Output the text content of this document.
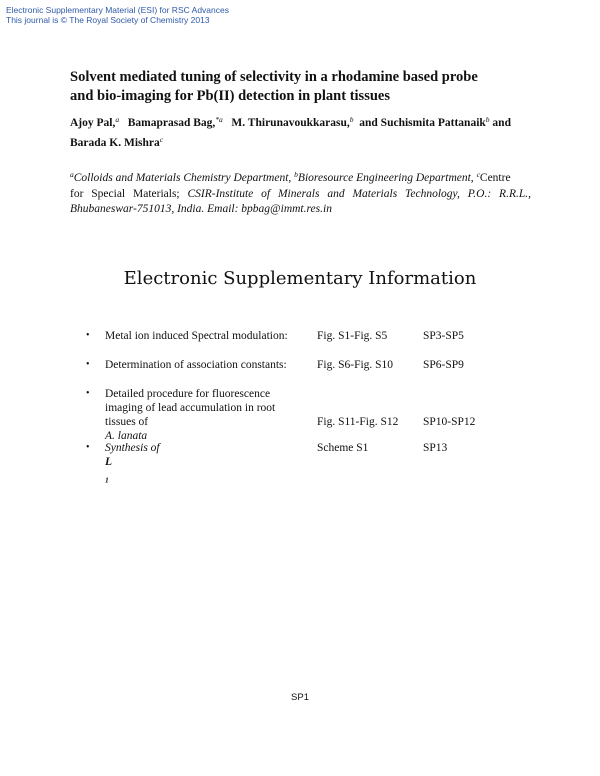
Electronic Supplementary Material (ESI) for RSC Advances
This journal is © The Royal Society of Chemistry 2013
Solvent mediated tuning of selectivity in a rhodamine based probe
and bio-imaging for Pb(II) detection in plant tissues
Ajoy Pal,$^a$ Bamaprasad Bag,$^{*a}$ M. Thirunavoukkarasu,$^b$ and Suchismita Pattanaik$^b$ and
Barada K. Mishra$^c$
$^a$Colloids and Materials Chemistry Department, $^b$Bioresource Engineering Department, $^c$Centre
for Special Materials; CSIR-Institute of Minerals and Materials Technology, P.O.: R.R.L.,
Bhubaneswar-751013, India. Email: bpbag@immt.res.in
Electronic Supplementary Information
• Metal ion induced Spectral modulation:	Fig. S1-Fig. S5	SP3-SP5
• Determination of association constants:	Fig. S6-Fig. S10	SP6-SP9
• Detailed procedure for fluorescence
imaging of lead accumulation in root
tissues of
A. lanata
Fig. S11-Fig. S12 SP10-SP12
• Synthesis of
L
$_1$
Scheme S1	SP13
SP1
